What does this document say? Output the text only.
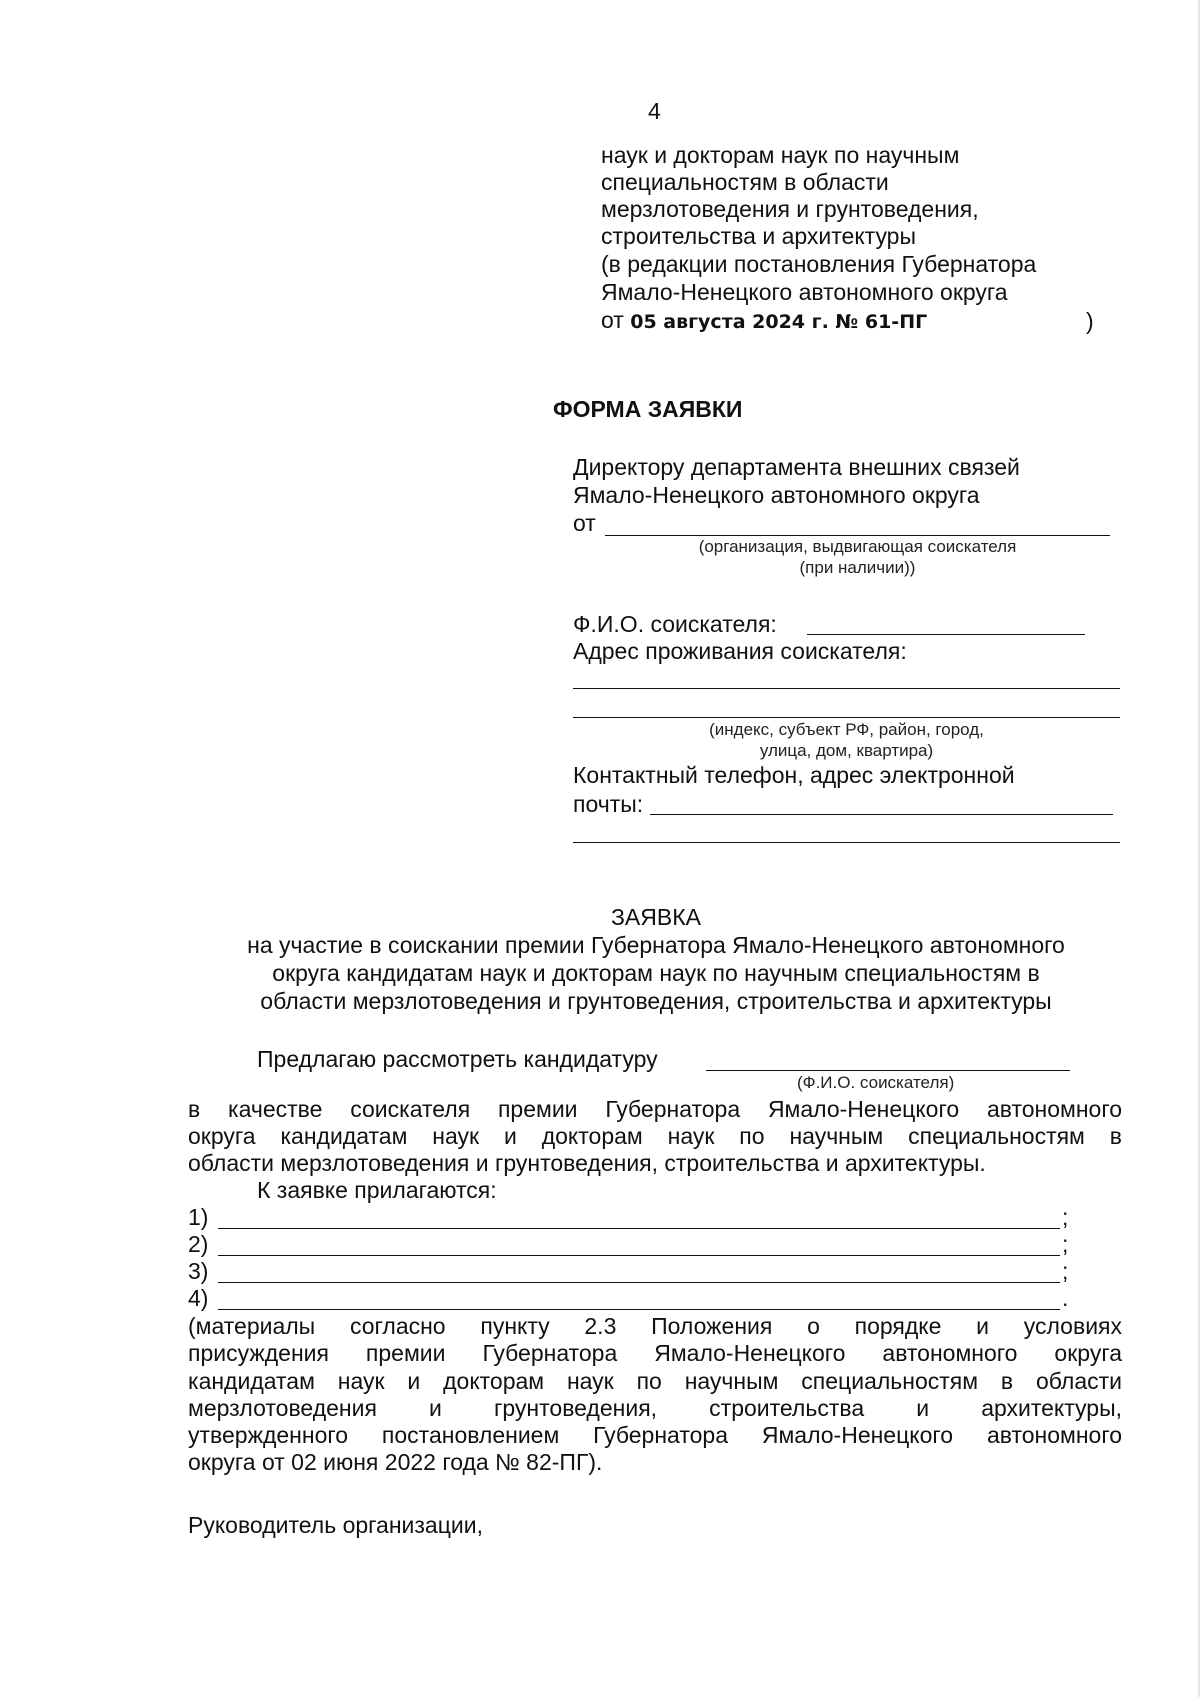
4
наук и докторам наук по научным
специальностям в области
мерзлотоведения и грунтоведения,
строительства и архитектуры
(в редакции постановления Губернатора
Ямало-Ненецкого автономного округа
от 05 августа 2024 г. № 61-ПГ	)
ФОРМА ЗАЯВКИ
Директору департамента внешних связей
Ямало-Ненецкого автономного округа
от
(организация, выдвигающая соискателя
(при наличии))
Ф.И.О. соискателя:
Адрес проживания соискателя:
(индекс, субъект РФ, район, город,
улица, дом, квартира)
Контактный телефон, адрес электронной
почты:
ЗАЯВКА
на участие в соискании премии Губернатора Ямало-Ненецкого автономного
округа кандидатам наук и докторам наук по научным специальностям в
области мерзлотоведения и грунтоведения, строительства и архитектуры
Предлагаю рассмотреть кандидатуру
(Ф.И.О. соискателя)
в качестве соискателя премии Губернатора Ямало-Ненецкого автономного
округа кандидатам наук и докторам наук по научным специальностям в
области мерзлотоведения и грунтоведения, строительства и архитектуры.
К заявке прилагаются:
1)	;
2)	;
3)	;
4)	.
(материалы согласно пункту 2.3 Положения о порядке и условиях
присуждения премии Губернатора Ямало-Ненецкого автономного округа
кандидатам наук и докторам наук по научным специальностям в области
мерзлотоведения и грунтоведения, строительства и архитектуры,
утвержденного постановлением Губернатора Ямало-Ненецкого автономного
округа от 02 июня 2022 года № 82-ПГ).
Руководитель организации,
